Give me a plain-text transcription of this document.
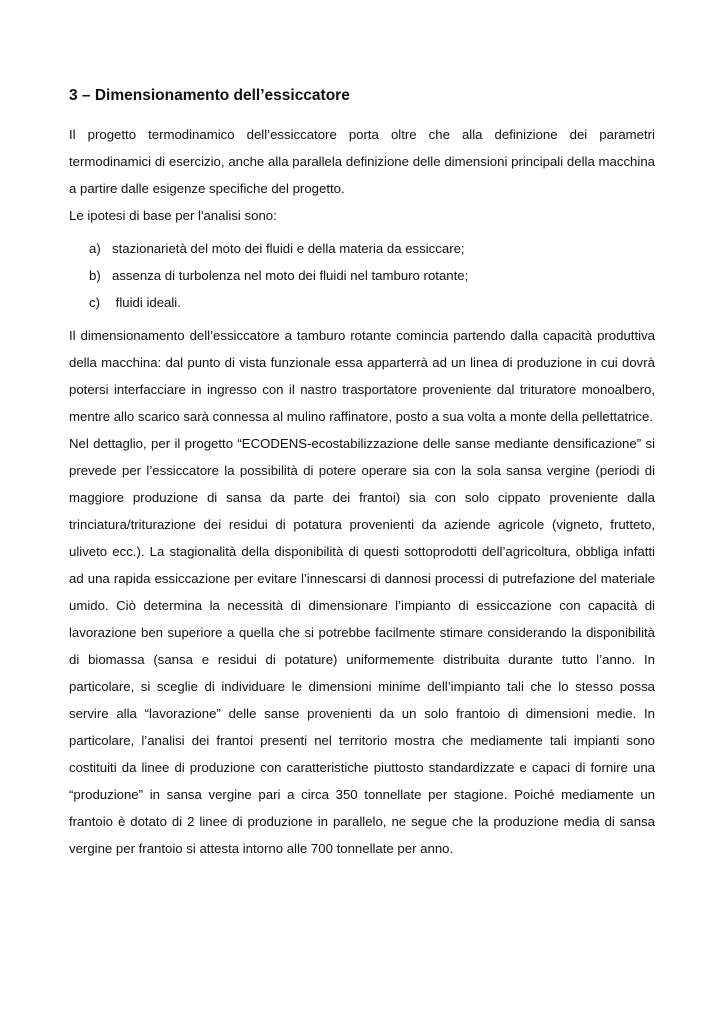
3 – Dimensionamento dell’essiccatore

Il progetto termodinamico dell’essiccatore porta oltre che alla definizione dei parametri termodinamici di esercizio, anche alla parallela definizione delle dimensioni principali della macchina a partire dalle esigenze specifiche del progetto.

Le ipotesi di base per l'analisi sono:

a) stazionarietà del moto dei fluidi e della materia da essiccare;
b) assenza di turbolenza nel moto dei fluidi nel tamburo rotante;
c) fluidi ideali.

Il dimensionamento dell’essiccatore a tamburo rotante comincia partendo dalla capacità produttiva della macchina: dal punto di vista funzionale essa apparterrà ad un linea di produzione in cui dovrà potersi interfacciare in ingresso con il nastro trasportatore proveniente dal trituratore monoalbero, mentre allo scarico sarà connessa al mulino raffinatore, posto a sua volta a monte della pellettatrice.

Nel dettaglio, per il progetto “ECODENS-ecostabilizzazione delle sanse mediante densificazione” si prevede per l’essiccatore la possibilità di potere operare sia con la sola sansa vergine (periodi di maggiore produzione di sansa da parte dei frantoi) sia con solo cippato proveniente dalla trinciatura/triturazione dei residui di potatura provenienti da aziende agricole (vigneto, frutteto, uliveto ecc.). La stagionalità della disponibilità di questi sottoprodotti dell’agricoltura, obbliga infatti ad una rapida essiccazione per evitare l’innescarsi di dannosi processi di putrefazione del materiale umido. Ciò determina la necessità di dimensionare l’impianto di essiccazione con capacità di lavorazione ben superiore a quella che si potrebbe facilmente stimare considerando la disponibilità di biomassa (sansa e residui di potature) uniformemente distribuita durante tutto l’anno. In particolare, si sceglie di individuare le dimensioni minime dell’impianto tali che lo stesso possa servire alla “lavorazione” delle sanse provenienti da un solo frantoio di dimensioni medie. In particolare, l’analisi dei frantoi presenti nel territorio mostra che mediamente tali impianti sono costituiti da linee di produzione con caratteristiche piuttosto standardizzate e capaci di fornire una “produzione” in sansa vergine pari a circa 350 tonnellate per stagione. Poiché mediamente un frantoio è dotato di 2 linee di produzione in parallelo, ne segue che la produzione media di sansa vergine per frantoio si attesta intorno alle 700 tonnellate per anno.
